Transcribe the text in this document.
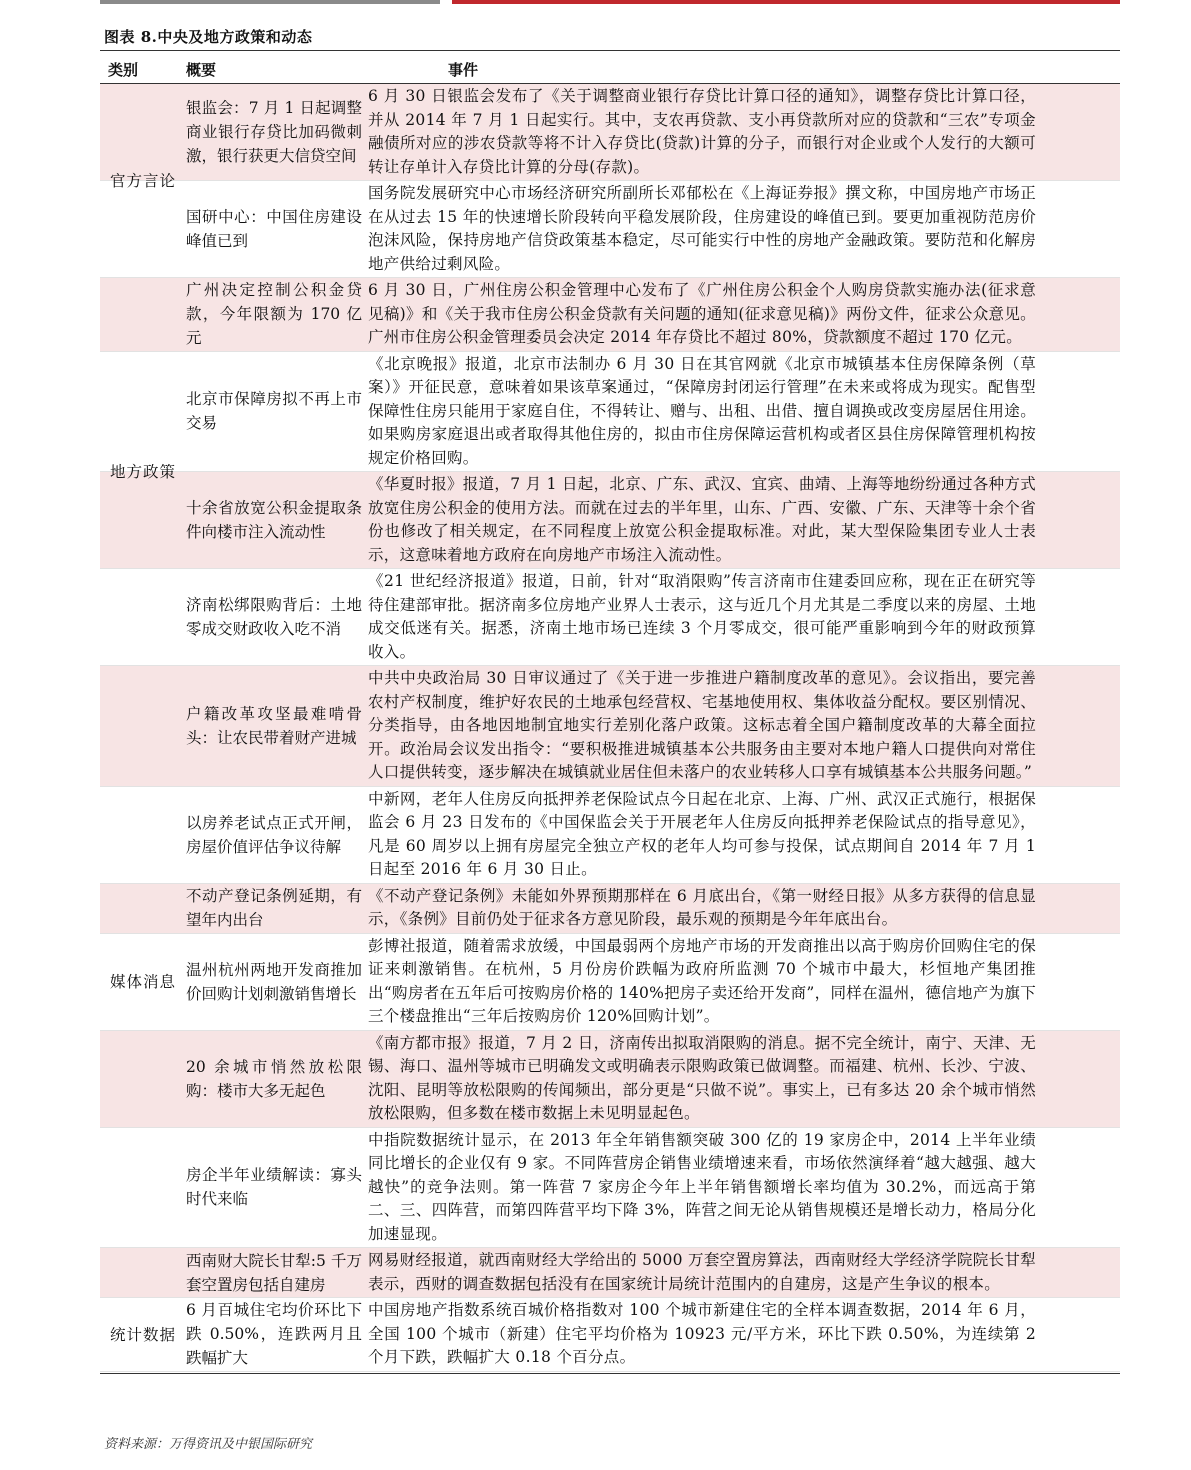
图表 8.中央及地方政策和动态
类别	概要	事件
银监会：7 月 1 日起调整商业银行存贷比加码微刺激，银行获更大信贷空间
6 月 30 日银监会发布了《关于调整商业银行存贷比计算口径的通知》，调整存贷比计算口径，并从 2014 年 7 月 1 日起实行。其中，支农再贷款、支小再贷款所对应的贷款和“三农”专项金融债所对应的涉农贷款等将不计入存贷比(贷款)计算的分子，而银行对企业或个人发行的大额可转让存单计入存贷比计算的分母(存款)。
国研中心：中国住房建设峰值已到
国务院发展研究中心市场经济研究所副所长邓郁松在《上海证券报》撰文称，中国房地产市场正在从过去 15 年的快速增长阶段转向平稳发展阶段，住房建设的峰值已到。要更加重视防范房价泡沫风险，保持房地产信贷政策基本稳定，尽可能实行中性的房地产金融政策。要防范和化解房地产供给过剩风险。
广州决定控制公积金贷款，今年限额为 170 亿元
6 月 30 日，广州住房公积金管理中心发布了《广州住房公积金个人购房贷款实施办法(征求意见稿)》和《关于我市住房公积金贷款有关问题的通知(征求意见稿)》两份文件，征求公众意见。广州市住房公积金管理委员会决定 2014 年存贷比不超过 80%，贷款额度不超过 170 亿元。
北京市保障房拟不再上市交易
《北京晚报》报道，北京市法制办 6 月 30 日在其官网就《北京市城镇基本住房保障条例（草案）》开征民意，意味着如果该草案通过，“保障房封闭运行管理”在未来或将成为现实。配售型保障性住房只能用于家庭自住，不得转让、赠与、出租、出借、擅自调换或改变房屋居住用途。如果购房家庭退出或者取得其他住房的，拟由市住房保障运营机构或者区县住房保障管理机构按规定价格回购。
十余省放宽公积金提取条件向楼市注入流动性
《华夏时报》报道，7 月 1 日起，北京、广东、武汉、宜宾、曲靖、上海等地纷纷通过各种方式放宽住房公积金的使用方法。而就在过去的半年里，山东、广西、安徽、广东、天津等十余个省份也修改了相关规定，在不同程度上放宽公积金提取标准。对此，某大型保险集团专业人士表示，这意味着地方政府在向房地产市场注入流动性。
济南松绑限购背后：土地零成交财政收入吃不消
《21 世纪经济报道》报道，日前，针对“取消限购”传言济南市住建委回应称，现在正在研究等待住建部审批。据济南多位房地产业界人士表示，这与近几个月尤其是二季度以来的房屋、土地成交低迷有关。据悉，济南土地市场已连续 3 个月零成交，很可能严重影响到今年的财政预算收入。
户籍改革攻坚最难啃骨头：让农民带着财产进城
中共中央政治局 30 日审议通过了《关于进一步推进户籍制度改革的意见》。会议指出，要完善农村产权制度，维护好农民的土地承包经营权、宅基地使用权、集体收益分配权。要区别情况、分类指导，由各地因地制宜地实行差别化落户政策。这标志着全国户籍制度改革的大幕全面拉开。政治局会议发出指令：“要积极推进城镇基本公共服务由主要对本地户籍人口提供向对常住人口提供转变，逐步解决在城镇就业居住但未落户的农业转移人口享有城镇基本公共服务问题。”
以房养老试点正式开闸，房屋价值评估争议待解
中新网，老年人住房反向抵押养老保险试点今日起在北京、上海、广州、武汉正式施行，根据保监会 6 月 23 日发布的《中国保监会关于开展老年人住房反向抵押养老保险试点的指导意见》，凡是 60 周岁以上拥有房屋完全独立产权的老年人均可参与投保，试点期间自 2014 年 7 月 1 日起至 2016 年 6 月 30 日止。
不动产登记条例延期，有望年内出台
《不动产登记条例》未能如外界预期那样在 6 月底出台，《第一财经日报》从多方获得的信息显示，《条例》目前仍处于征求各方意见阶段，最乐观的预期是今年年底出台。
温州杭州两地开发商推加价回购计划刺激销售增长
彭博社报道，随着需求放缓，中国最弱两个房地产市场的开发商推出以高于购房价回购住宅的保证来刺激销售。在杭州，5 月份房价跌幅为政府所监测 70 个城市中最大，杉恒地产集团推出“购房者在五年后可按购房价格的 140%把房子卖还给开发商”，同样在温州，德信地产为旗下三个楼盘推出“三年后按购房价 120%回购计划”。
20 余城市悄然放松限购：楼市大多无起色
《南方都市报》报道，7 月 2 日，济南传出拟取消限购的消息。据不完全统计，南宁、天津、无锡、海口、温州等城市已明确发文或明确表示限购政策已做调整。而福建、杭州、长沙、宁波、沈阳、昆明等放松限购的传闻频出，部分更是“只做不说”。事实上，已有多达 20 余个城市悄然放松限购，但多数在楼市数据上未见明显起色。
房企半年业绩解读：寡头时代来临
中指院数据统计显示，在 2013 年全年销售额突破 300 亿的 19 家房企中，2014 上半年业绩同比增长的企业仅有 9 家。不同阵营房企销售业绩增速来看，市场依然演绎着“越大越强、越大越快”的竞争法则。第一阵营 7 家房企今年上半年销售额增长率均值为 30.2%，而远高于第二、三、四阵营，而第四阵营平均下降 3%，阵营之间无论从销售规模还是增长动力，格局分化加速显现。
西南财大院长甘犁:5 千万套空置房包括自建房
网易财经报道，就西南财经大学给出的 5000 万套空置房算法，西南财经大学经济学院院长甘犁表示，西财的调查数据包括没有在国家统计局统计范围内的自建房，这是产生争议的根本。
6 月百城住宅均价环比下跌 0.50%，连跌两月且跌幅扩大
中国房地产指数系统百城价格指数对 100 个城市新建住宅的全样本调查数据，2014 年 6 月，全国 100 个城市（新建）住宅平均价格为 10923 元/平方米，环比下跌 0.50%，为连续第 2 个月下跌，跌幅扩大 0.18 个百分点。
官方言论
地方政策
媒体消息
统计数据
资料来源：万得资讯及中银国际研究
